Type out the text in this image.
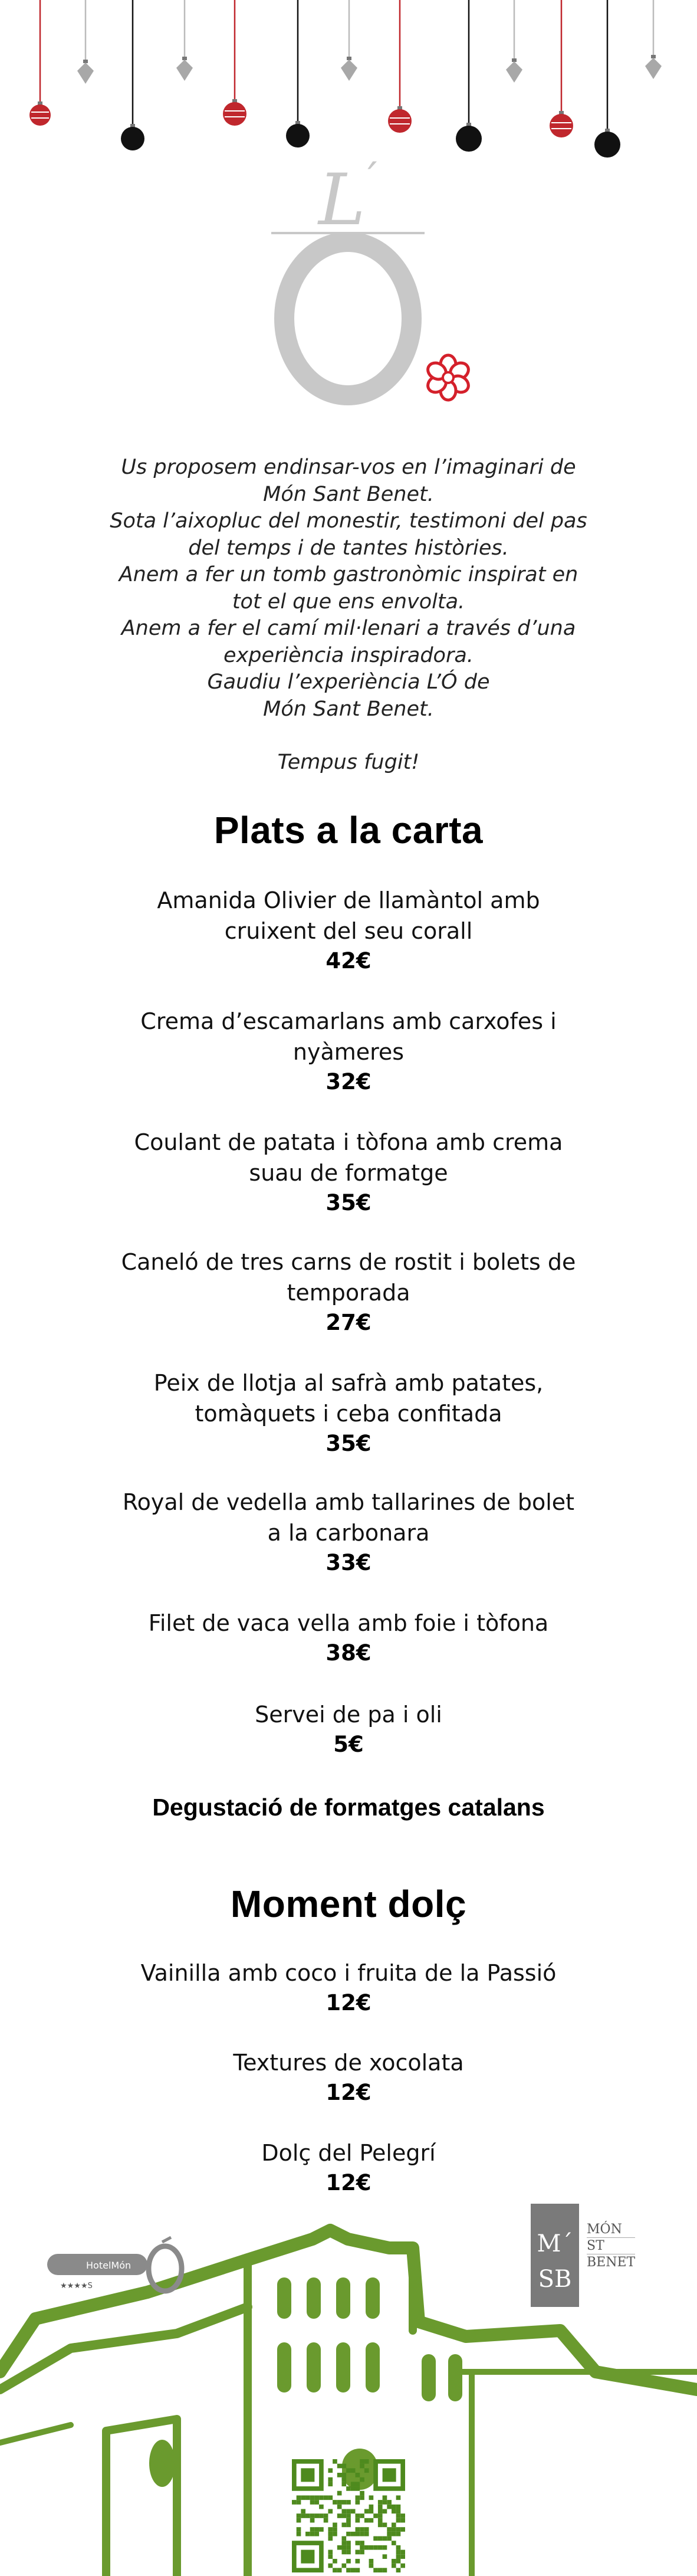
L
´
Us proposem endinsar-vos en l’imaginari de
Món Sant Benet.
Sota l’aixopluc del monestir, testimoni del pas
del temps i de tantes històries.
Anem a fer un tomb gastronòmic inspirat en
tot el que ens envolta.
Anem a fer el camí mil·lenari a través d’una
experiència inspiradora.
Gaudiu l’experiència L’Ó de
Món Sant Benet.
Tempus fugit!
Plats a la carta
Amanida Olivier de llamàntol amb
cruixent del seu corall
42€
Crema d’escamarlans amb carxofes i
nyàmeres
32€
Coulant de patata i tòfona amb crema
suau de formatge
35€
Caneló de tres carns de rostit i bolets de
temporada
27€
Peix de llotja al safrà amb patates,
tomàquets i ceba confitada
35€
Royal de vedella amb tallarines de bolet
a la carbonara
33€
Filet de vaca vella amb foie i tòfona
38€
Servei de pa i oli
5€
Degustació de formatges catalans
Moment dolç
Vainilla amb coco i fruita de la Passió
12€
Textures de xocolata
12€
Dolç del Pelegrí
12€
HotelMón
★★★★S
M´
SB
MÓN
ST
BENET
